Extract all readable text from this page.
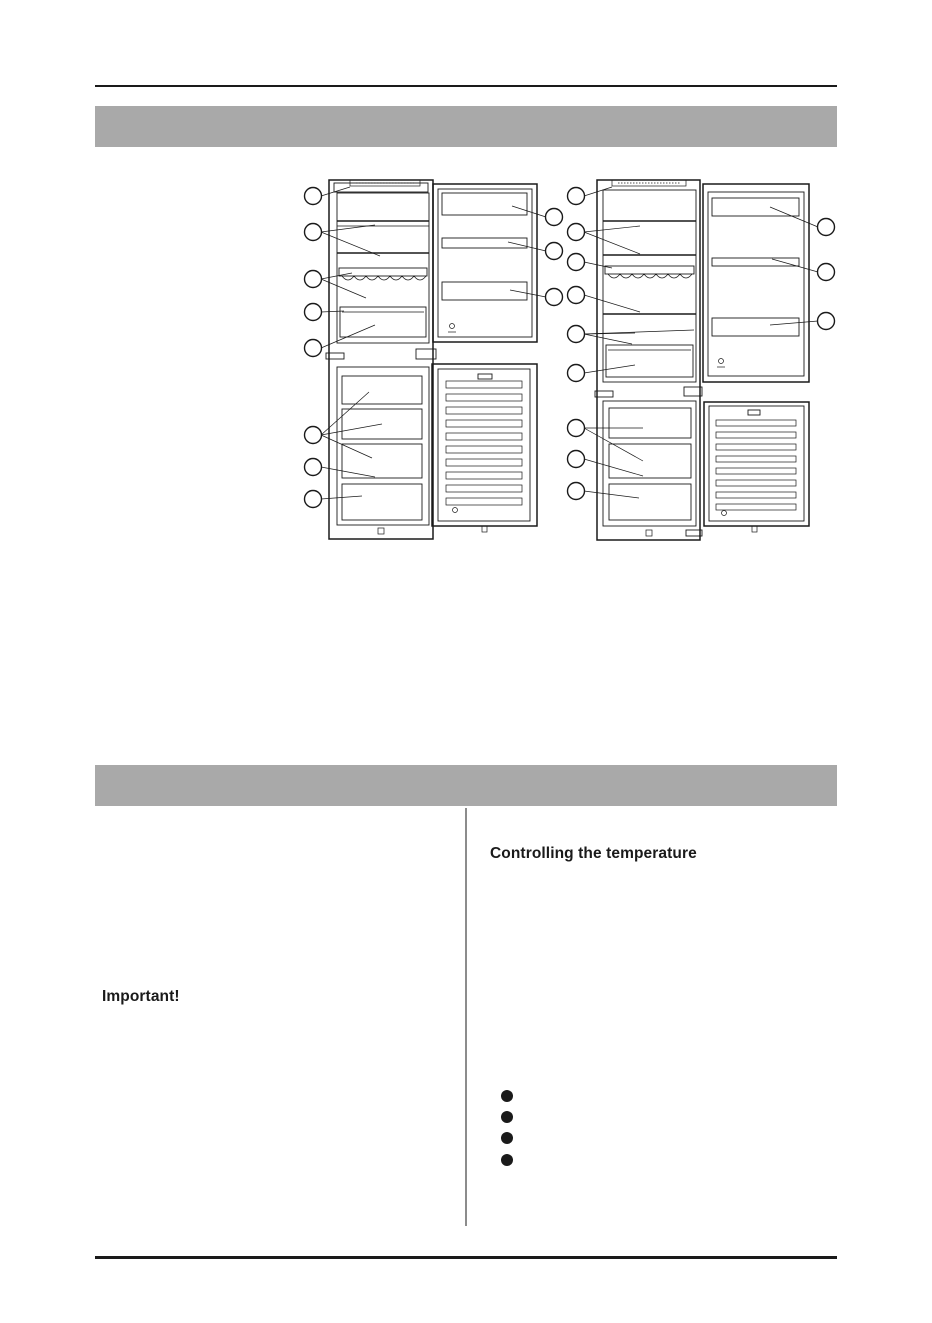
Important!
Controlling the temperature
